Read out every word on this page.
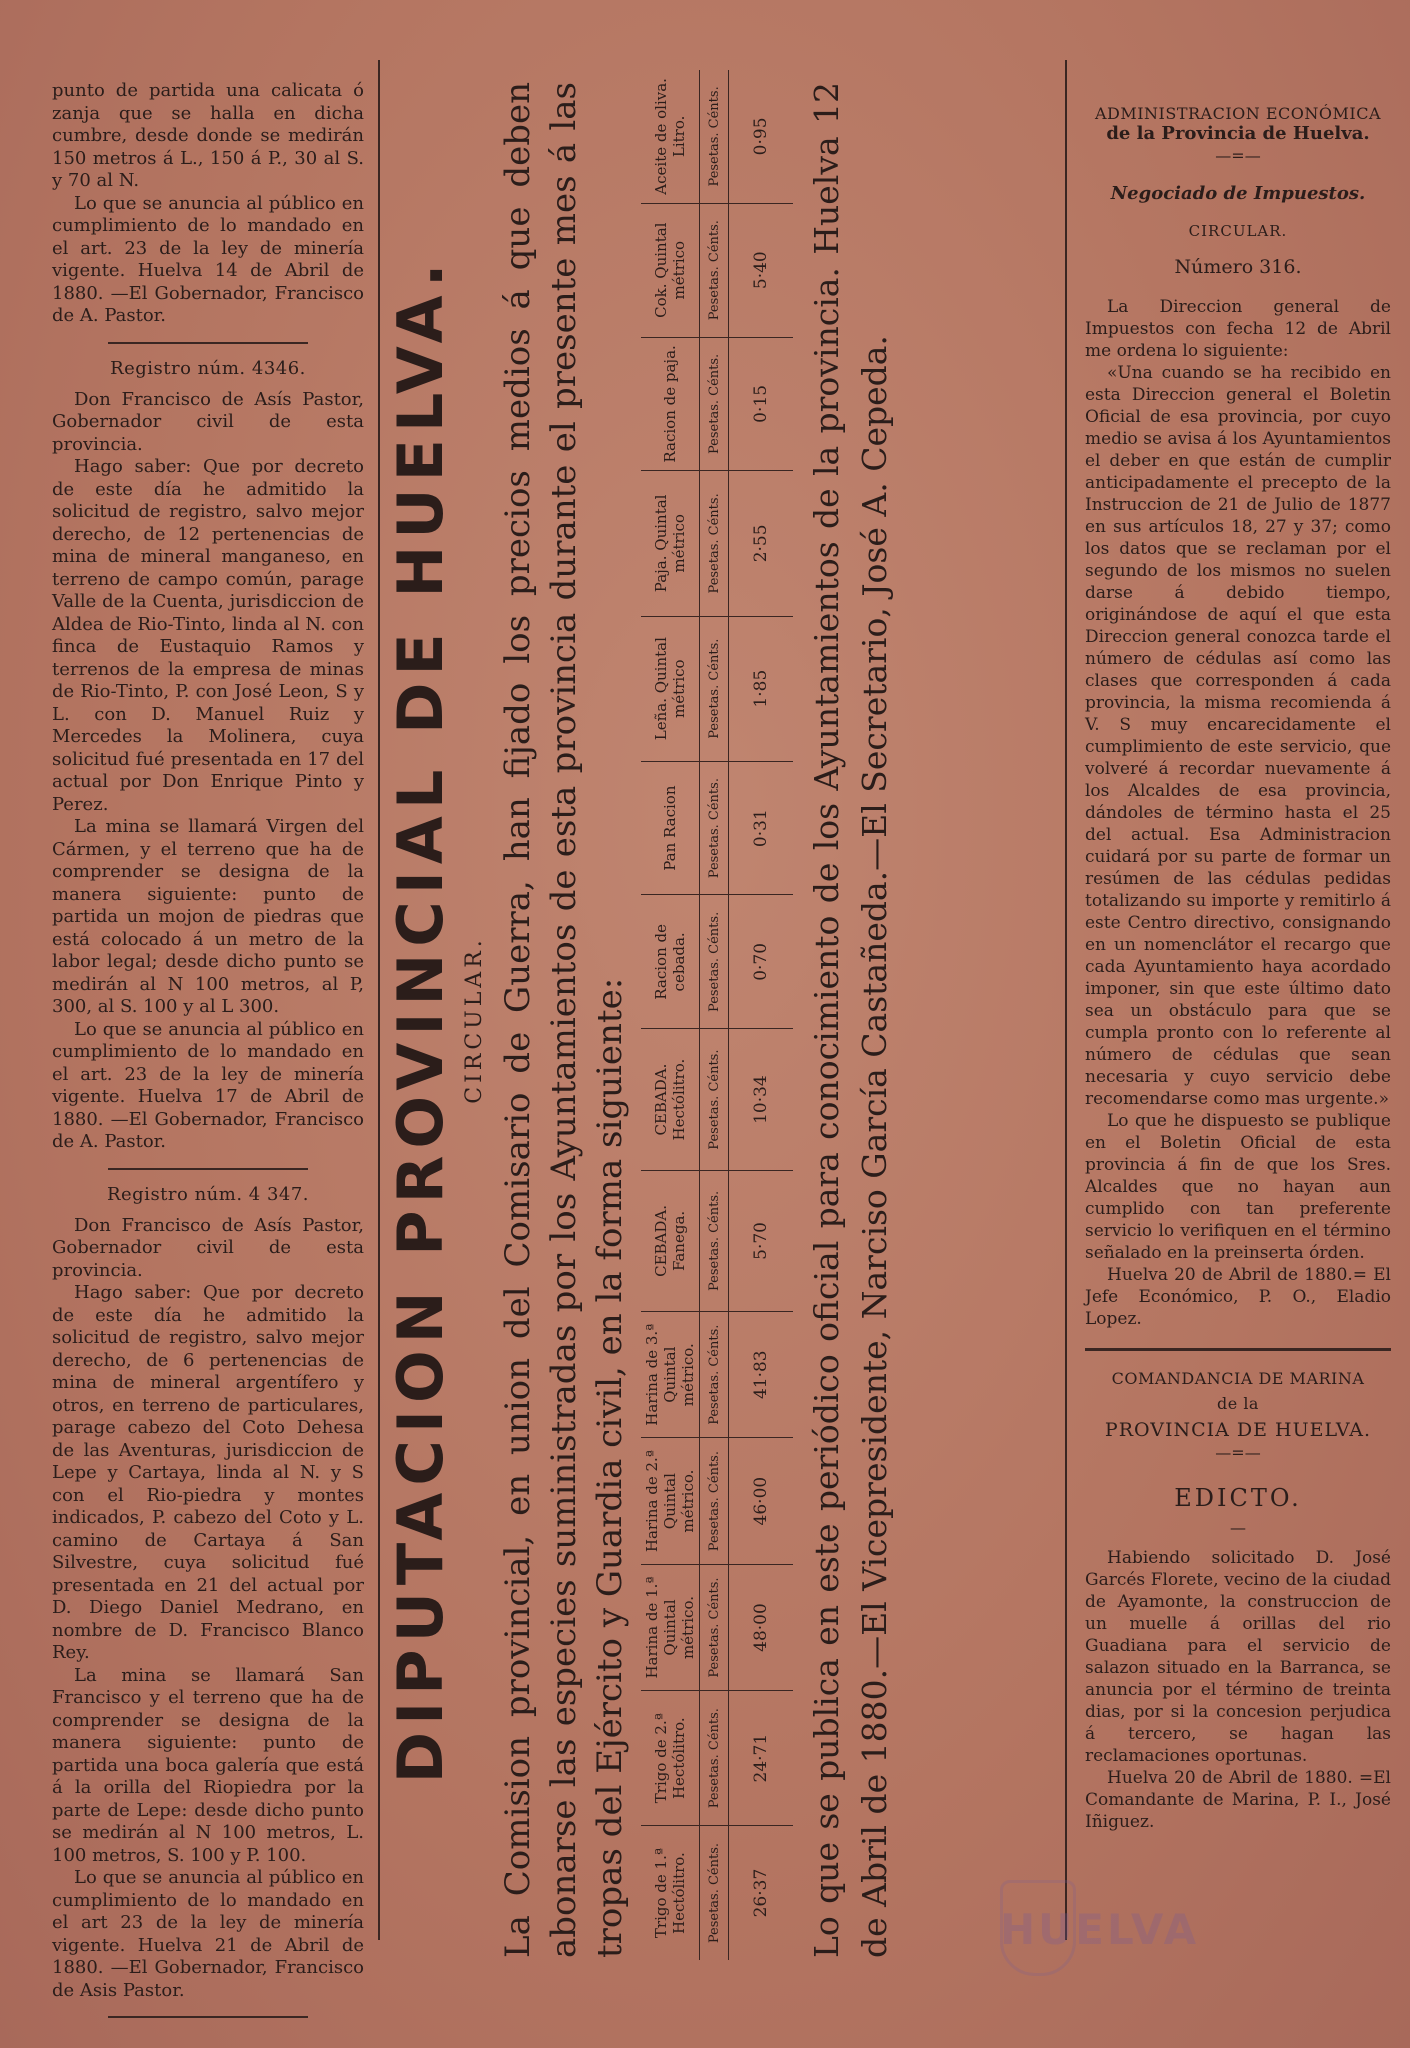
punto de partida una calicata ó zanja que se halla en dicha cumbre, desde donde se medirán 150 metros á L., 150 á P., 30 al S. y 70 al N.

Lo que se anuncia al público en cumplimiento de lo mandado en el art. 23 de la ley de minería vigente. Huelva 14 de Abril de 1880. —El Gobernador, Francisco de A. Pastor.

Registro núm. 4346.

Don Francisco de Asís Pastor, Gobernador civil de esta provincia.

Hago saber: Que por decreto de este día he admitido la solicitud de registro, salvo mejor derecho, de 12 pertenencias de mina de mineral manganeso, en terreno de campo común, parage Valle de la Cuenta, jurisdiccion de Aldea de Rio-Tinto, linda al N. con finca de Eustaquio Ramos y terrenos de la empresa de minas de Rio-Tinto, P. con José Leon, S y L. con D. Manuel Ruiz y Mercedes la Molinera, cuya solicitud fué presentada en 17 del actual por Don Enrique Pinto y Perez.

La mina se llamará Virgen del Cármen, y el terreno que ha de comprender se designa de la manera siguiente: punto de partida un mojon de piedras que está colocado á un metro de la labor legal; desde dicho punto se medirán al N 100 metros, al P, 300, al S. 100 y al L 300.

Lo que se anuncia al público en cumplimiento de lo mandado en el art. 23 de la ley de minería vigente. Huelva 17 de Abril de 1880. —El Gobernador, Francisco de A. Pastor.

Registro núm. 4 347.

Don Francisco de Asís Pastor, Gobernador civil de esta provincia.

Hago saber: Que por decreto de este día he admitido la solicitud de registro, salvo mejor derecho, de 6 pertenencias de mina de mineral argentífero y otros, en terreno de particulares, parage cabezo del Coto Dehesa de las Aventuras, jurisdiccion de Lepe y Cartaya, linda al N. y S con el Rio-piedra y montes indicados, P. cabezo del Coto y L. camino de Cartaya á San Silvestre, cuya solicitud fué presentada en 21 del actual por D. Diego Daniel Medrano, en nombre de D. Francisco Blanco Rey.

La mina se llamará San Francisco y el terreno que ha de comprender se designa de la manera siguiente: punto de partida una boca galería que está á la orilla del Riopiedra por la parte de Lepe: desde dicho punto se medirán al N 100 metros, L. 100 metros, S. 100 y P. 100.

Lo que se anuncia al público en cumplimiento de lo mandado en el art 23 de la ley de minería vigente. Huelva 21 de Abril de 1880. —El Gobernador, Francisco de Asis Pastor.

DIPUTACION PROVINCIAL DE HUELVA. CIRCULAR. La Comision provincial, en union del Comisario de Guerra, han fijado los precios medios á que deben abonarse las especies suministradas por los Ayuntamientos de esta provincia durante el presente mes á las tropas del Ejército y Guardia civil, en la forma siguiente: Trigo de 1.ª Hectólitro.	Trigo de 2.ª Hectólitro.	Harina de 1.ª Quintal métrico.	Harina de 2.ª Quintal métrico.	Harina de 3.ª Quintal métrico.	CEBADA. Fanega.	CEBADA. Hectólitro.	Racion de cebada.	Pan Racion	Leña. Quintal métrico	Paja. Quintal métrico	Racion de paja.	Cok. Quintal métrico	Aceite de oliva. Litro.
Pesetas. Cénts.	Pesetas. Cénts.	Pesetas. Cénts.	Pesetas. Cénts.	Pesetas. Cénts.	Pesetas. Cénts.	Pesetas. Cénts.	Pesetas. Cénts.	Pesetas. Cénts.	Pesetas. Cénts.	Pesetas. Cénts.	Pesetas. Cénts.	Pesetas. Cénts.	Pesetas. Cénts.
26·37	24·71	48·00	46·00	41·83	5·70	10·34	0·70	0·31	1·85	2·55	0·15	5·40	0·95	Lo que se publica en este periódico oficial para conocimiento de los Ayuntamientos de la provincia. Huelva 12 de Abril de 1880.—El Vicepresidente, Narciso García Castañeda.—El Secretario, José A. Cepeda.
ADMINISTRACION ECONÓMICA
de la Provincia de Huelva.
—=—
Negociado de Impuestos.
CIRCULAR.
Número 316.

La Direccion general de Impuestos con fecha 12 de Abril me ordena lo siguiente:

«Una cuando se ha recibido en esta Direccion general el Boletin Oficial de esa provincia, por cuyo medio se avisa á los Ayuntamientos el deber en que están de cumplir anticipadamente el precepto de la Instruccion de 21 de Julio de 1877 en sus artículos 18, 27 y 37; como los datos que se reclaman por el segundo de los mismos no suelen darse á debido tiempo, originándose de aquí el que esta Direccion general conozca tarde el número de cédulas así como las clases que corresponden á cada provincia, la misma recomienda á V. S muy encarecidamente el cumplimiento de este servicio, que volveré á recordar nuevamente á los Alcaldes de esa provincia, dándoles de término hasta el 25 del actual. Esa Administracion cuidará por su parte de formar un resúmen de las cédulas pedidas totalizando su importe y remitirlo á este Centro directivo, consignando en un nomenclátor el recargo que cada Ayuntamiento haya acordado imponer, sin que este último dato sea un obstáculo para que se cumpla pronto con lo referente al número de cédulas que sean necesaria y cuyo servicio debe recomendarse como mas urgente.»

Lo que he dispuesto se publique en el Boletin Oficial de esta provincia á fin de que los Sres. Alcaldes que no hayan aun cumplido con tan preferente servicio lo verifiquen en el término señalado en la preinserta órden.

Huelva 20 de Abril de 1880.= El Jefe Económico, P. O., Eladio Lopez.

COMANDANCIA DE MARINA
de la
PROVINCIA DE HUELVA.
—=—
EDICTO.
—

Habiendo solicitado D. José Garcés Florete, vecino de la ciudad de Ayamonte, la construccion de un muelle á orillas del rio Guadiana para el servicio de salazon situado en la Barranca, se anuncia por el término de treinta dias, por si la concesion perjudica á tercero, se hagan las reclamaciones oportunas.

Huelva 20 de Abril de 1880. =El Comandante de Marina, P. I., José Iñiguez.

HUELVA
